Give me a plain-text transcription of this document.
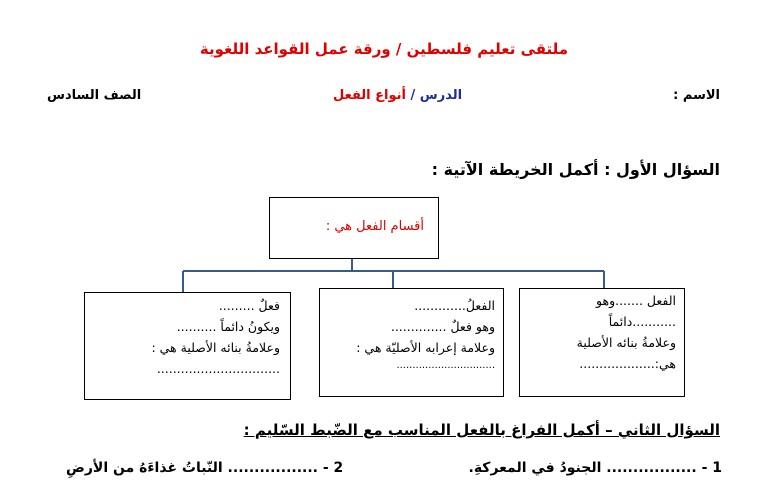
ملتقى تعليم فلسطين / ورقة عمل القواعد اللغوية
الاسم :
الدرس / أنواع الفعل
الصف السادس
السؤال الأول : أكمل الخريطة الآتية :
أقسام الفعل هي :
الفعل .......وهو
...........دائماً
وعلامةُ بنائه الأصلية
هي:...................
الفعلُ.............
وهو فعلٌ ..............
وعلامة إعرابه الأصليّة هي :
...............................
فعلٌ .........
ويكونُ دائماً ..........
وعلامةُ بنائه الأصلية هي :
...............................
السؤال الثاني – أكمل الفراغ بالفعل المناسب مع الضّبط السّليم :
1 - ................. الجنودُ في المعركةِ.
2 - ................. النّباتُ غذاءَهُ من الأرضِ
